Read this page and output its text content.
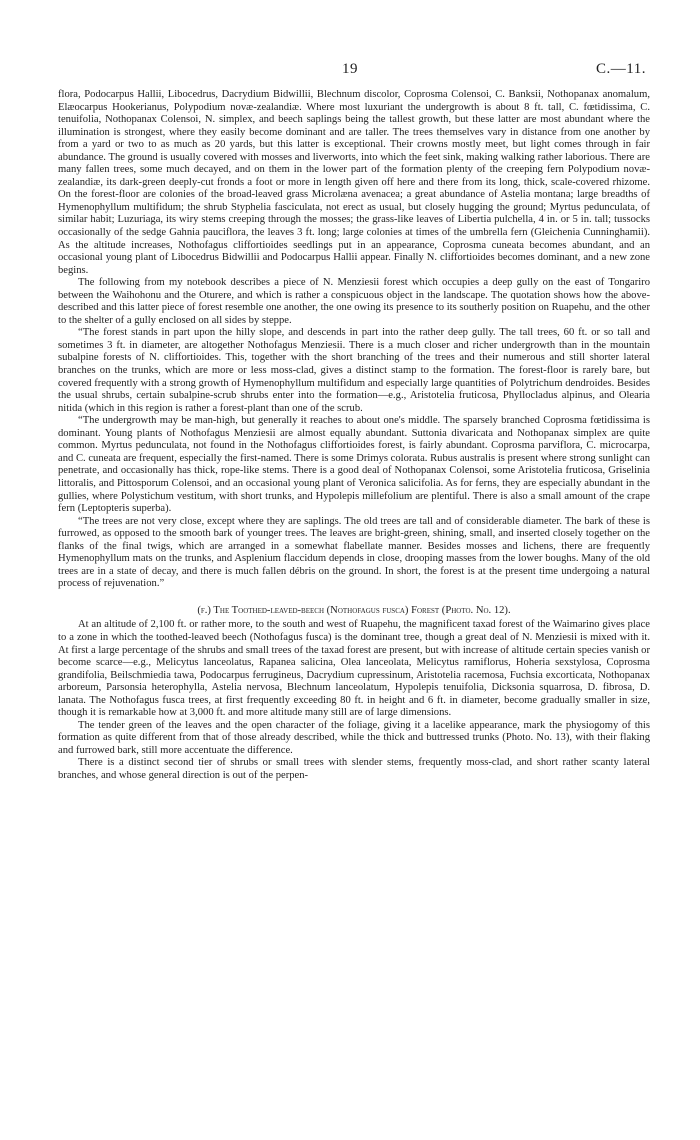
19	C.—11.

flora, Podocarpus Hallii, Libocedrus, Dacrydium Bidwillii, Blechnum discolor, Coprosma Colensoi, C. Banksii, Nothopanax anomalum, Elæocarpus Hookerianus, Polypodium novæ-zealandiæ. Where most luxuriant the undergrowth is about 8 ft. tall, C. fœtidissima, C. tenuifolia, Nothopanax Colensoi, N. simplex, and beech saplings being the tallest growth, but these latter are most abundant where the illumination is strongest, where they easily become dominant and are taller. The trees themselves vary in distance from one another by from a yard or two to as much as 20 yards, but this latter is exceptional. Their crowns mostly meet, but light comes through in fair abundance. The ground is usually covered with mosses and liverworts, into which the feet sink, making walking rather laborious. There are many fallen trees, some much decayed, and on them in the lower part of the formation plenty of the creeping fern Polypodium novæ-zealandiæ, its dark-green deeply-cut fronds a foot or more in length given off here and there from its long, thick, scale-covered rhizome. On the forest-floor are colonies of the broad-leaved grass Microlæna avenacea; a great abundance of Astelia montana; large breadths of Hymenophyllum multifidum; the shrub Styphelia fasciculata, not erect as usual, but closely hugging the ground; Myrtus pedunculata, of similar habit; Luzuriaga, its wiry stems creeping through the mosses; the grass-like leaves of Libertia pulchella, 4 in. or 5 in. tall; tussocks occasionally of the sedge Gahnia pauciflora, the leaves 3 ft. long; large colonies at times of the umbrella fern (Gleichenia Cunninghamii). As the altitude increases, Nothofagus cliffortioides seedlings put in an appearance, Coprosma cuneata becomes abundant, and an occasional young plant of Libocedrus Bidwillii and Podocarpus Hallii appear. Finally N. cliffortioides becomes dominant, and a new zone begins.

The following from my notebook describes a piece of N. Menziesii forest which occupies a deep gully on the east of Tongariro between the Waihohonu and the Oturere, and which is rather a conspicuous object in the landscape. The quotation shows how the above-described and this latter piece of forest resemble one another, the one owing its presence to its southerly position on Ruapehu, and the other to the shelter of a gully enclosed on all sides by steppe.

“The forest stands in part upon the hilly slope, and descends in part into the rather deep gully. The tall trees, 60 ft. or so tall and sometimes 3 ft. in diameter, are altogether Nothofagus Menziesii. There is a much closer and richer undergrowth than in the mountain subalpine forests of N. cliffortioides. This, together with the short branching of the trees and their numerous and still shorter lateral branches on the trunks, which are more or less moss-clad, gives a distinct stamp to the formation. The forest-floor is rarely bare, but covered frequently with a strong growth of Hymenophyllum multifidum and especially large quantities of Polytrichum dendroides. Besides the usual shrubs, certain subalpine-scrub shrubs enter into the formation—e.g., Aristotelia fruticosa, Phyllocladus alpinus, and Olearia nitida (which in this region is rather a forest-plant than one of the scrub.

“The undergrowth may be man-high, but generally it reaches to about one's middle. The sparsely branched Coprosma fœtidissima is dominant. Young plants of Nothofagus Menziesii are almost equally abundant. Suttonia divaricata and Nothopanax simplex are quite common. Myrtus pedunculata, not found in the Nothofagus cliffortioides forest, is fairly abundant. Coprosma parviflora, C. microcarpa, and C. cuneata are frequent, especially the first-named. There is some Drimys colorata. Rubus australis is present where strong sunlight can penetrate, and occasionally has thick, rope-like stems. There is a good deal of Nothopanax Colensoi, some Aristotelia fruticosa, Griselinia littoralis, and Pittosporum Colensoi, and an occasional young plant of Veronica salicifolia. As for ferns, they are especially abundant in the gullies, where Polystichum vestitum, with short trunks, and Hypolepis millefolium are plentiful. There is also a small amount of the crape fern (Leptopteris superba).

“The trees are not very close, except where they are saplings. The old trees are tall and of considerable diameter. The bark of these is furrowed, as opposed to the smooth bark of younger trees. The leaves are bright-green, shining, small, and inserted closely together on the flanks of the final twigs, which are arranged in a somewhat flabellate manner. Besides mosses and lichens, there are frequently Hymenophyllum mats on the trunks, and Asplenium flaccidum depends in close, drooping masses from the lower boughs. Many of the old trees are in a state of decay, and there is much fallen débris on the ground. In short, the forest is at the present time undergoing a natural process of rejuvenation.”

(f.) The Toothed-leaved-beech (Nothofagus fusca) Forest (Photo. No. 12).

At an altitude of 2,100 ft. or rather more, to the south and west of Ruapehu, the magnificent taxad forest of the Waimarino gives place to a zone in which the toothed-leaved beech (Nothofagus fusca) is the dominant tree, though a great deal of N. Menziesii is mixed with it. At first a large percentage of the shrubs and small trees of the taxad forest are present, but with increase of altitude certain species vanish or become scarce—e.g., Melicytus lanceolatus, Rapanea salicina, Olea lanceolata, Melicytus ramiflorus, Hoheria sexstylosa, Coprosma grandifolia, Beilschmiedia tawa, Podocarpus ferrugineus, Dacrydium cupressinum, Aristotelia racemosa, Fuchsia excorticata, Nothopanax arboreum, Parsonsia heterophylla, Astelia nervosa, Blechnum lanceolatum, Hypolepis tenuifolia, Dicksonia squarrosa, D. fibrosa, D. lanata. The Nothofagus fusca trees, at first frequently exceeding 80 ft. in height and 6 ft. in diameter, become gradually smaller in size, though it is remarkable how at 3,000 ft. and more altitude many still are of large dimensions.

The tender green of the leaves and the open character of the foliage, giving it a lacelike appearance, mark the physiogomy of this formation as quite different from that of those already described, while the thick and buttressed trunks (Photo. No. 13), with their flaking and furrowed bark, still more accentuate the difference.

There is a distinct second tier of shrubs or small trees with slender stems, frequently moss-clad, and short rather scanty lateral branches, and whose general direction is out of the perpen-
